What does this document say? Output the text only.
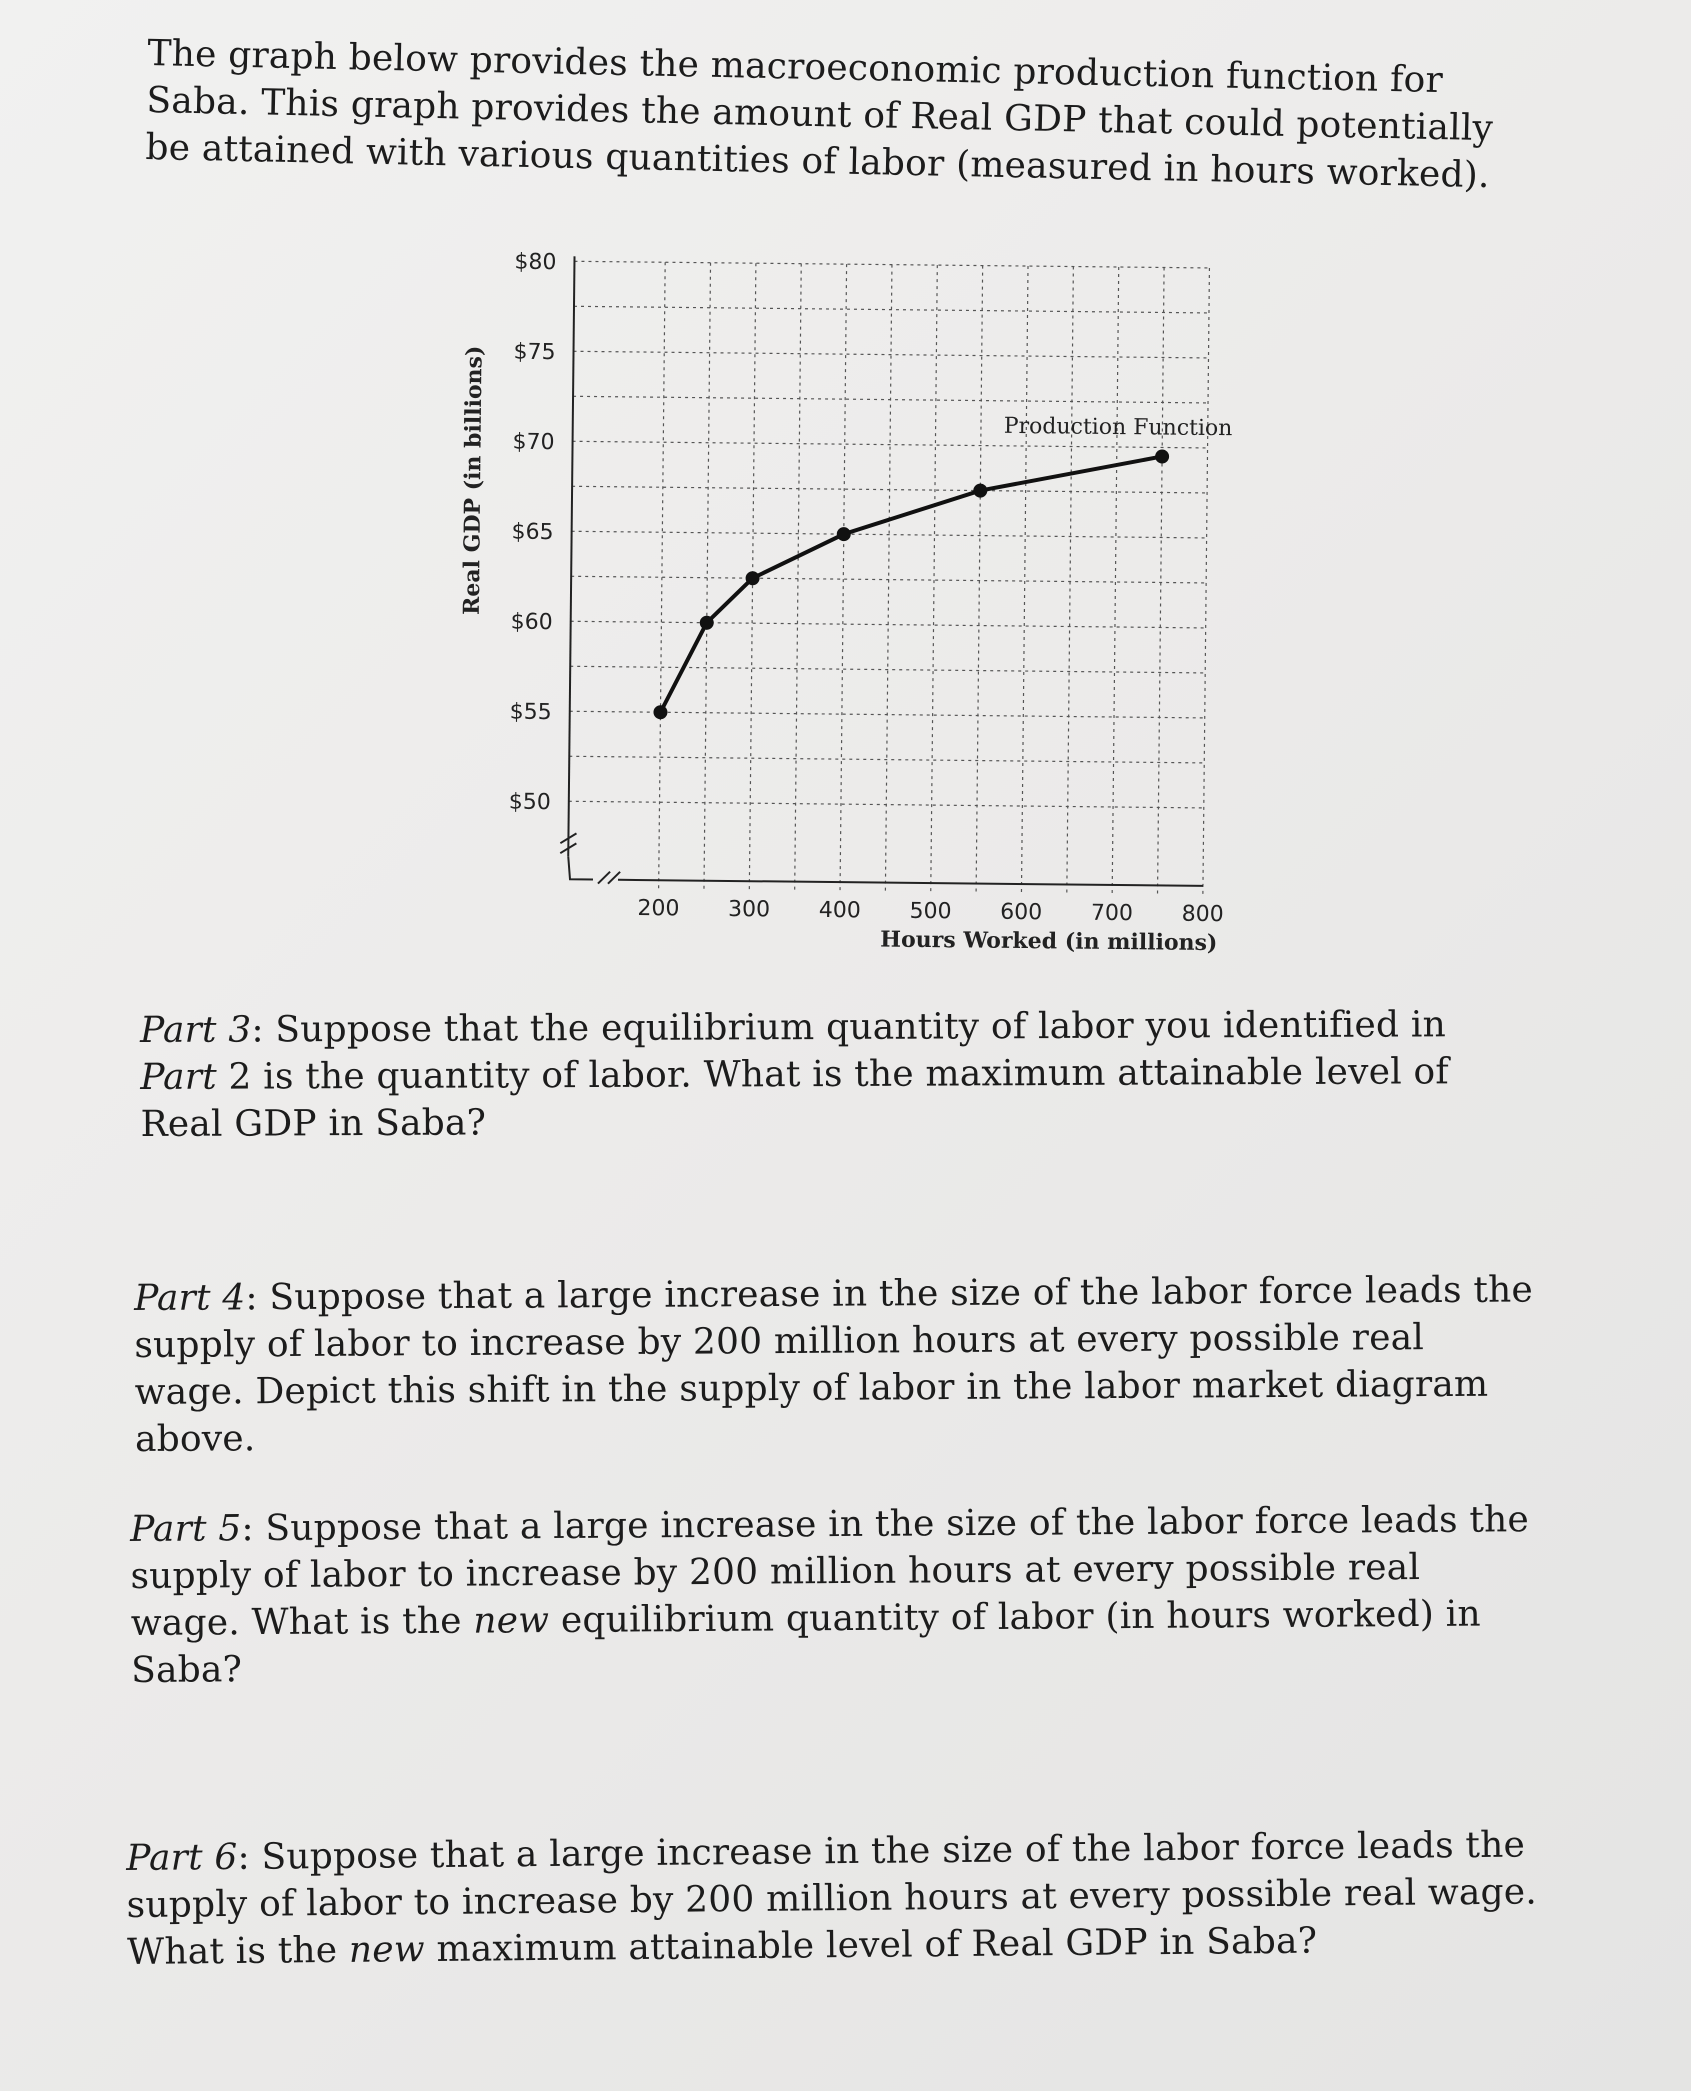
The graph below provides the macroeconomic production function for Saba. This graph provides the amount of Real GDP that could potentially be attained with various quantities of labor (measured in hours worked).

$50
$55
$60
$65
$70
$75
$80
200 300 400 500 600 700 800
Real GDP (in billions)
Hours Worked (in millions)
Production Function

Part 3: Suppose that the equilibrium quantity of labor you identified in Part 2 is the quantity of labor. What is the maximum attainable level of Real GDP in Saba?

Part 4: Suppose that a large increase in the size of the labor force leads the supply of labor to increase by 200 million hours at every possible real wage. Depict this shift in the supply of labor in the labor market diagram above.

Part 5: Suppose that a large increase in the size of the labor force leads the supply of labor to increase by 200 million hours at every possible real wage. What is the new equilibrium quantity of labor (in hours worked) in Saba?

Part 6: Suppose that a large increase in the size of the labor force leads the supply of labor to increase by 200 million hours at every possible real wage. What is the new maximum attainable level of Real GDP in Saba?
